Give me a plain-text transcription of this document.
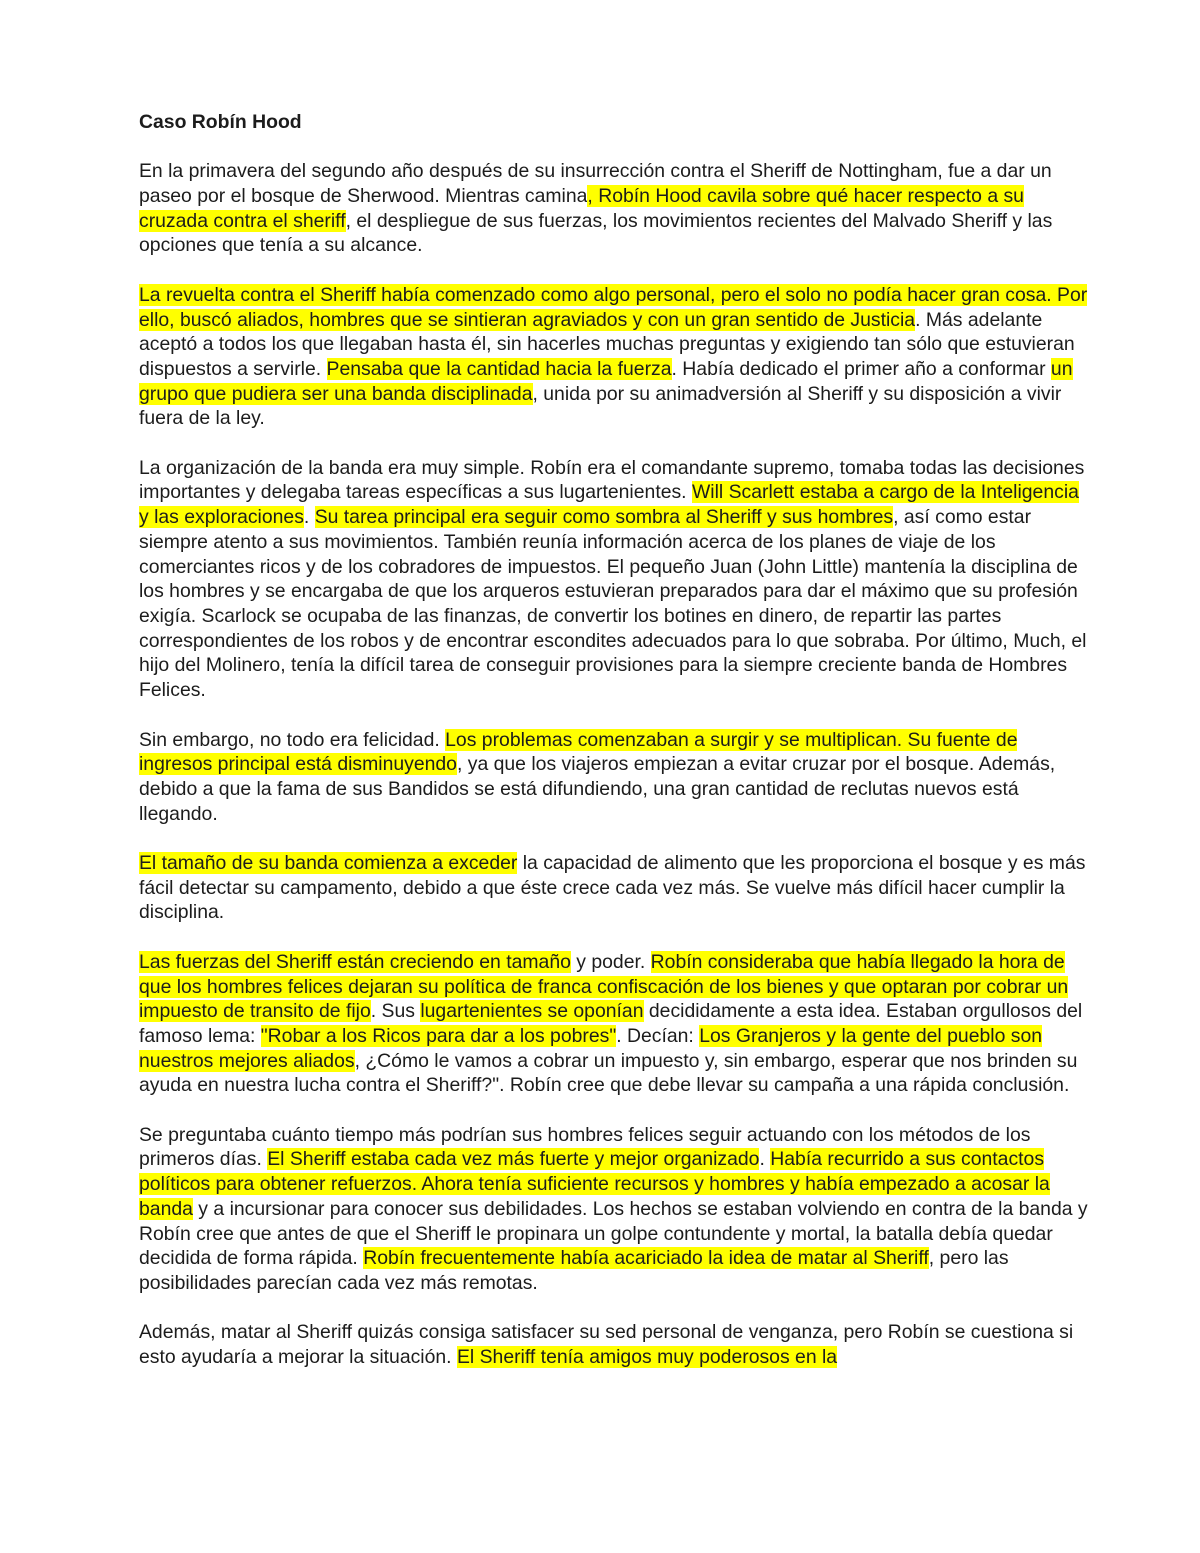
Caso Robín Hood
En la primavera del segundo año después de su insurrección contra el Sheriff de Nottingham, fue a dar un paseo por el bosque de Sherwood. Mientras camina, Robín Hood cavila sobre qué hacer respecto a su cruzada contra el sheriff, el despliegue de sus fuerzas, los movimientos recientes del Malvado Sheriff y las opciones que tenía a su alcance.
La revuelta contra el Sheriff había comenzado como algo personal, pero el solo no podía hacer gran cosa. Por ello, buscó aliados, hombres que se sintieran agraviados y con un gran sentido de Justicia. Más adelante aceptó a todos los que llegaban hasta él, sin hacerles muchas preguntas y exigiendo tan sólo que estuvieran dispuestos a servirle. Pensaba que la cantidad hacia la fuerza. Había dedicado el primer año a conformar un grupo que pudiera ser una banda disciplinada, unida por su animadversión al Sheriff y su disposición a vivir fuera de la ley.
La organización de la banda era muy simple. Robín era el comandante supremo, tomaba todas las decisiones importantes y delegaba tareas específicas a sus lugartenientes. Will Scarlett estaba a cargo de la Inteligencia y las exploraciones. Su tarea principal era seguir como sombra al Sheriff y sus hombres, así como estar siempre atento a sus movimientos. También reunía información acerca de los planes de viaje de los comerciantes ricos y de los cobradores de impuestos. El pequeño Juan (John Little) mantenía la disciplina de los hombres y se encargaba de que los arqueros estuvieran preparados para dar el máximo que su profesión exigía. Scarlock se ocupaba de las finanzas, de convertir los botines en dinero, de repartir las partes correspondientes de los robos y de encontrar escondites adecuados para lo que sobraba. Por último, Much, el hijo del Molinero, tenía la difícil tarea de conseguir provisiones para la siempre creciente banda de Hombres Felices.
Sin embargo, no todo era felicidad. Los problemas comenzaban a surgir y se multiplican. Su fuente de ingresos principal está disminuyendo, ya que los viajeros empiezan a evitar cruzar por el bosque. Además, debido a que la fama de sus Bandidos se está difundiendo, una gran cantidad de reclutas nuevos está llegando.
El tamaño de su banda comienza a exceder la capacidad de alimento que les proporciona el bosque y es más fácil detectar su campamento, debido a que éste crece cada vez más. Se vuelve más difícil hacer cumplir la disciplina.
Las fuerzas del Sheriff están creciendo en tamaño y poder. Robín consideraba que había llegado la hora de que los hombres felices dejaran su política de franca confiscación de los bienes y que optaran por cobrar un impuesto de transito de fijo. Sus lugartenientes se oponían decididamente a esta idea. Estaban orgullosos del famoso lema: "Robar a los Ricos para dar a los pobres". Decían: Los Granjeros y la gente del pueblo son nuestros mejores aliados, ¿Cómo le vamos a cobrar un impuesto y, sin embargo, esperar que nos brinden su ayuda en nuestra lucha contra el Sheriff?". Robín cree que debe llevar su campaña a una rápida conclusión.
Se preguntaba cuánto tiempo más podrían sus hombres felices seguir actuando con los métodos de los primeros días. El Sheriff estaba cada vez más fuerte y mejor organizado. Había recurrido a sus contactos políticos para obtener refuerzos. Ahora tenía suficiente recursos y hombres y había empezado a acosar la banda y a incursionar para conocer sus debilidades. Los hechos se estaban volviendo en contra de la banda y Robín cree que antes de que el Sheriff le propinara un golpe contundente y mortal, la batalla debía quedar decidida de forma rápida. Robín frecuentemente había acariciado la idea de matar al Sheriff, pero las posibilidades parecían cada vez más remotas.
Además, matar al Sheriff quizás consiga satisfacer su sed personal de venganza, pero Robín se cuestiona si esto ayudaría a mejorar la situación. El Sheriff tenía amigos muy poderosos en la
